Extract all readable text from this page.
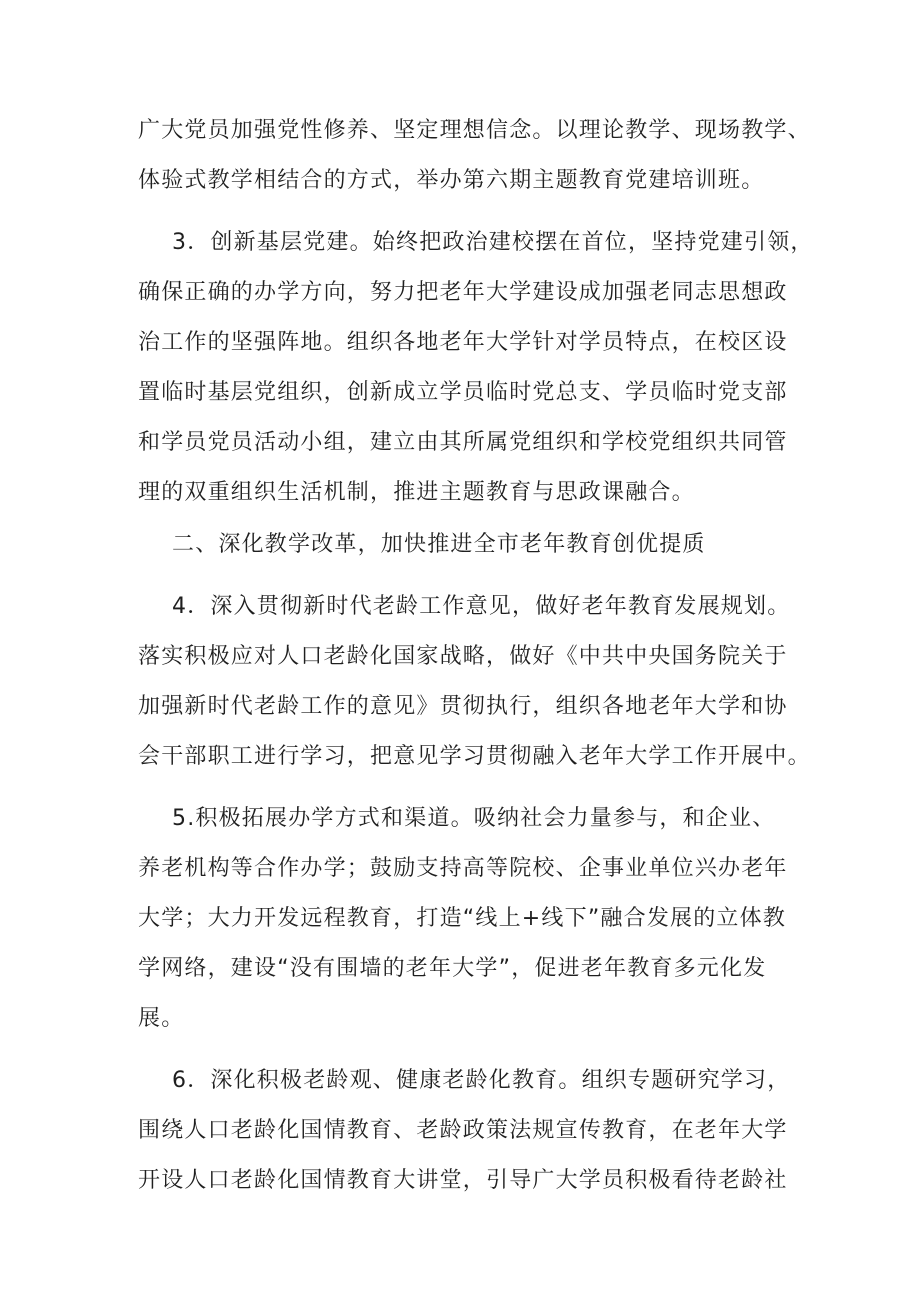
广大党员加强党性修养、坚定理想信念。以理论教学、现场教学、
体验式教学相结合的方式，举办第六期主题教育党建培训班。
3．创新基层党建。始终把政治建校摆在首位，坚持党建引领，
确保正确的办学方向，努力把老年大学建设成加强老同志思想政
治工作的坚强阵地。组织各地老年大学针对学员特点，在校区设
置临时基层党组织，创新成立学员临时党总支、学员临时党支部
和学员党员活动小组，建立由其所属党组织和学校党组织共同管
理的双重组织生活机制，推进主题教育与思政课融合。
二、深化教学改革，加快推进全市老年教育创优提质
4．深入贯彻新时代老龄工作意见，做好老年教育发展规划。
落实积极应对人口老龄化国家战略，做好《中共中央国务院关于
加强新时代老龄工作的意见》贯彻执行，组织各地老年大学和协
会干部职工进行学习，把意见学习贯彻融入老年大学工作开展中。
5.积极拓展办学方式和渠道。吸纳社会力量参与，和企业、
养老机构等合作办学；鼓励支持高等院校、企事业单位兴办老年
大学；大力开发远程教育，打造“线上+线下”融合发展的立体教
学网络，建设“没有围墙的老年大学”，促进老年教育多元化发
展。
6．深化积极老龄观、健康老龄化教育。组织专题研究学习，
围绕人口老龄化国情教育、老龄政策法规宣传教育，在老年大学
开设人口老龄化国情教育大讲堂，引导广大学员积极看待老龄社
